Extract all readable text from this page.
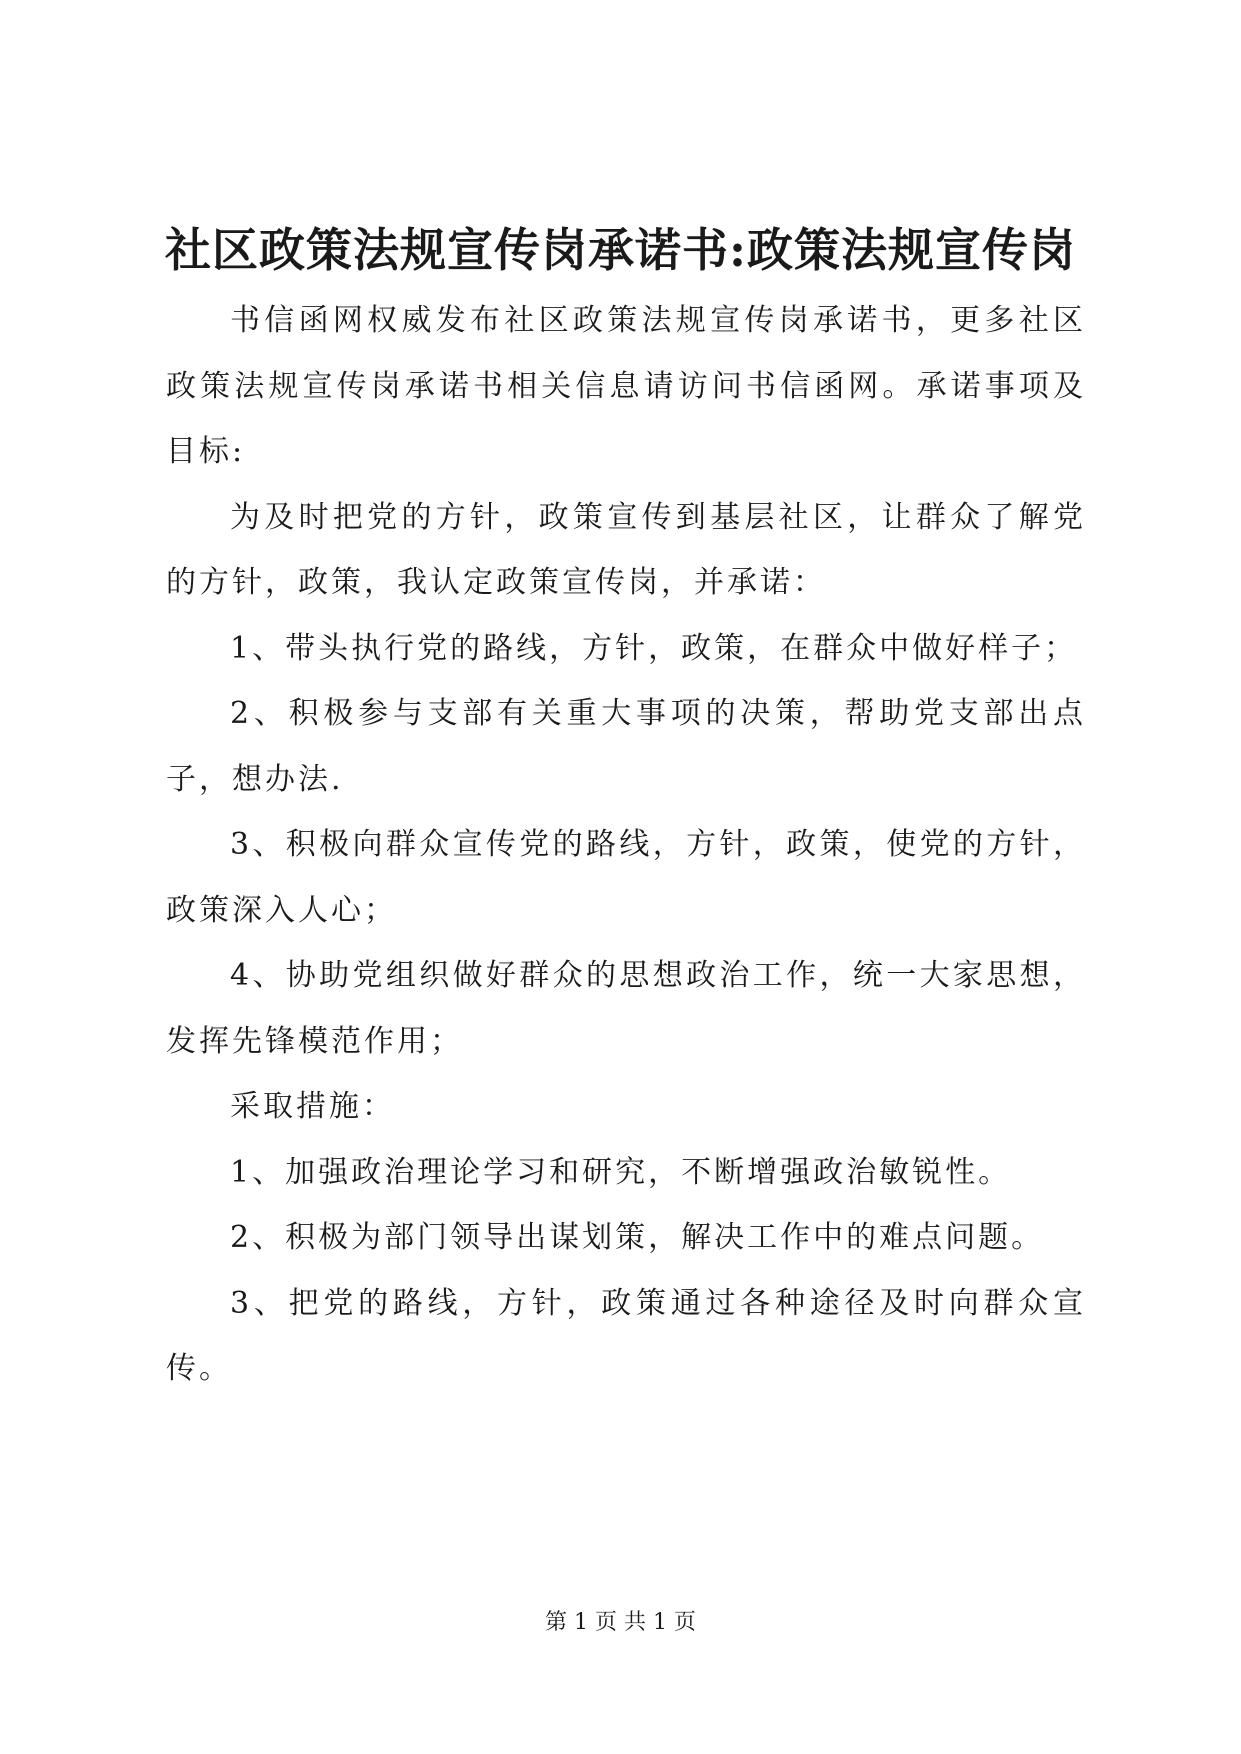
社区政策法规宣传岗承诺书:政策法规宣传岗

书信函网权威发布社区政策法规宣传岗承诺书，更多社区政策法规宣传岗承诺书相关信息请访问书信函网。承诺事项及目标:

为及时把党的方针，政策宣传到基层社区，让群众了解党的方针，政策，我认定政策宣传岗，并承诺：

1、带头执行党的路线，方针，政策，在群众中做好样子；

2、积极参与支部有关重大事项的决策，帮助党支部出点子，想办法.

3、积极向群众宣传党的路线，方针，政策，使党的方针，政策深入人心；

4、协助党组织做好群众的思想政治工作，统一大家思想，发挥先锋模范作用；

采取措施：

1、加强政治理论学习和研究，不断增强政治敏锐性。

2、积极为部门领导出谋划策，解决工作中的难点问题。

3、把党的路线，方针，政策通过各种途径及时向群众宣传。

第 1 页 共 1 页
